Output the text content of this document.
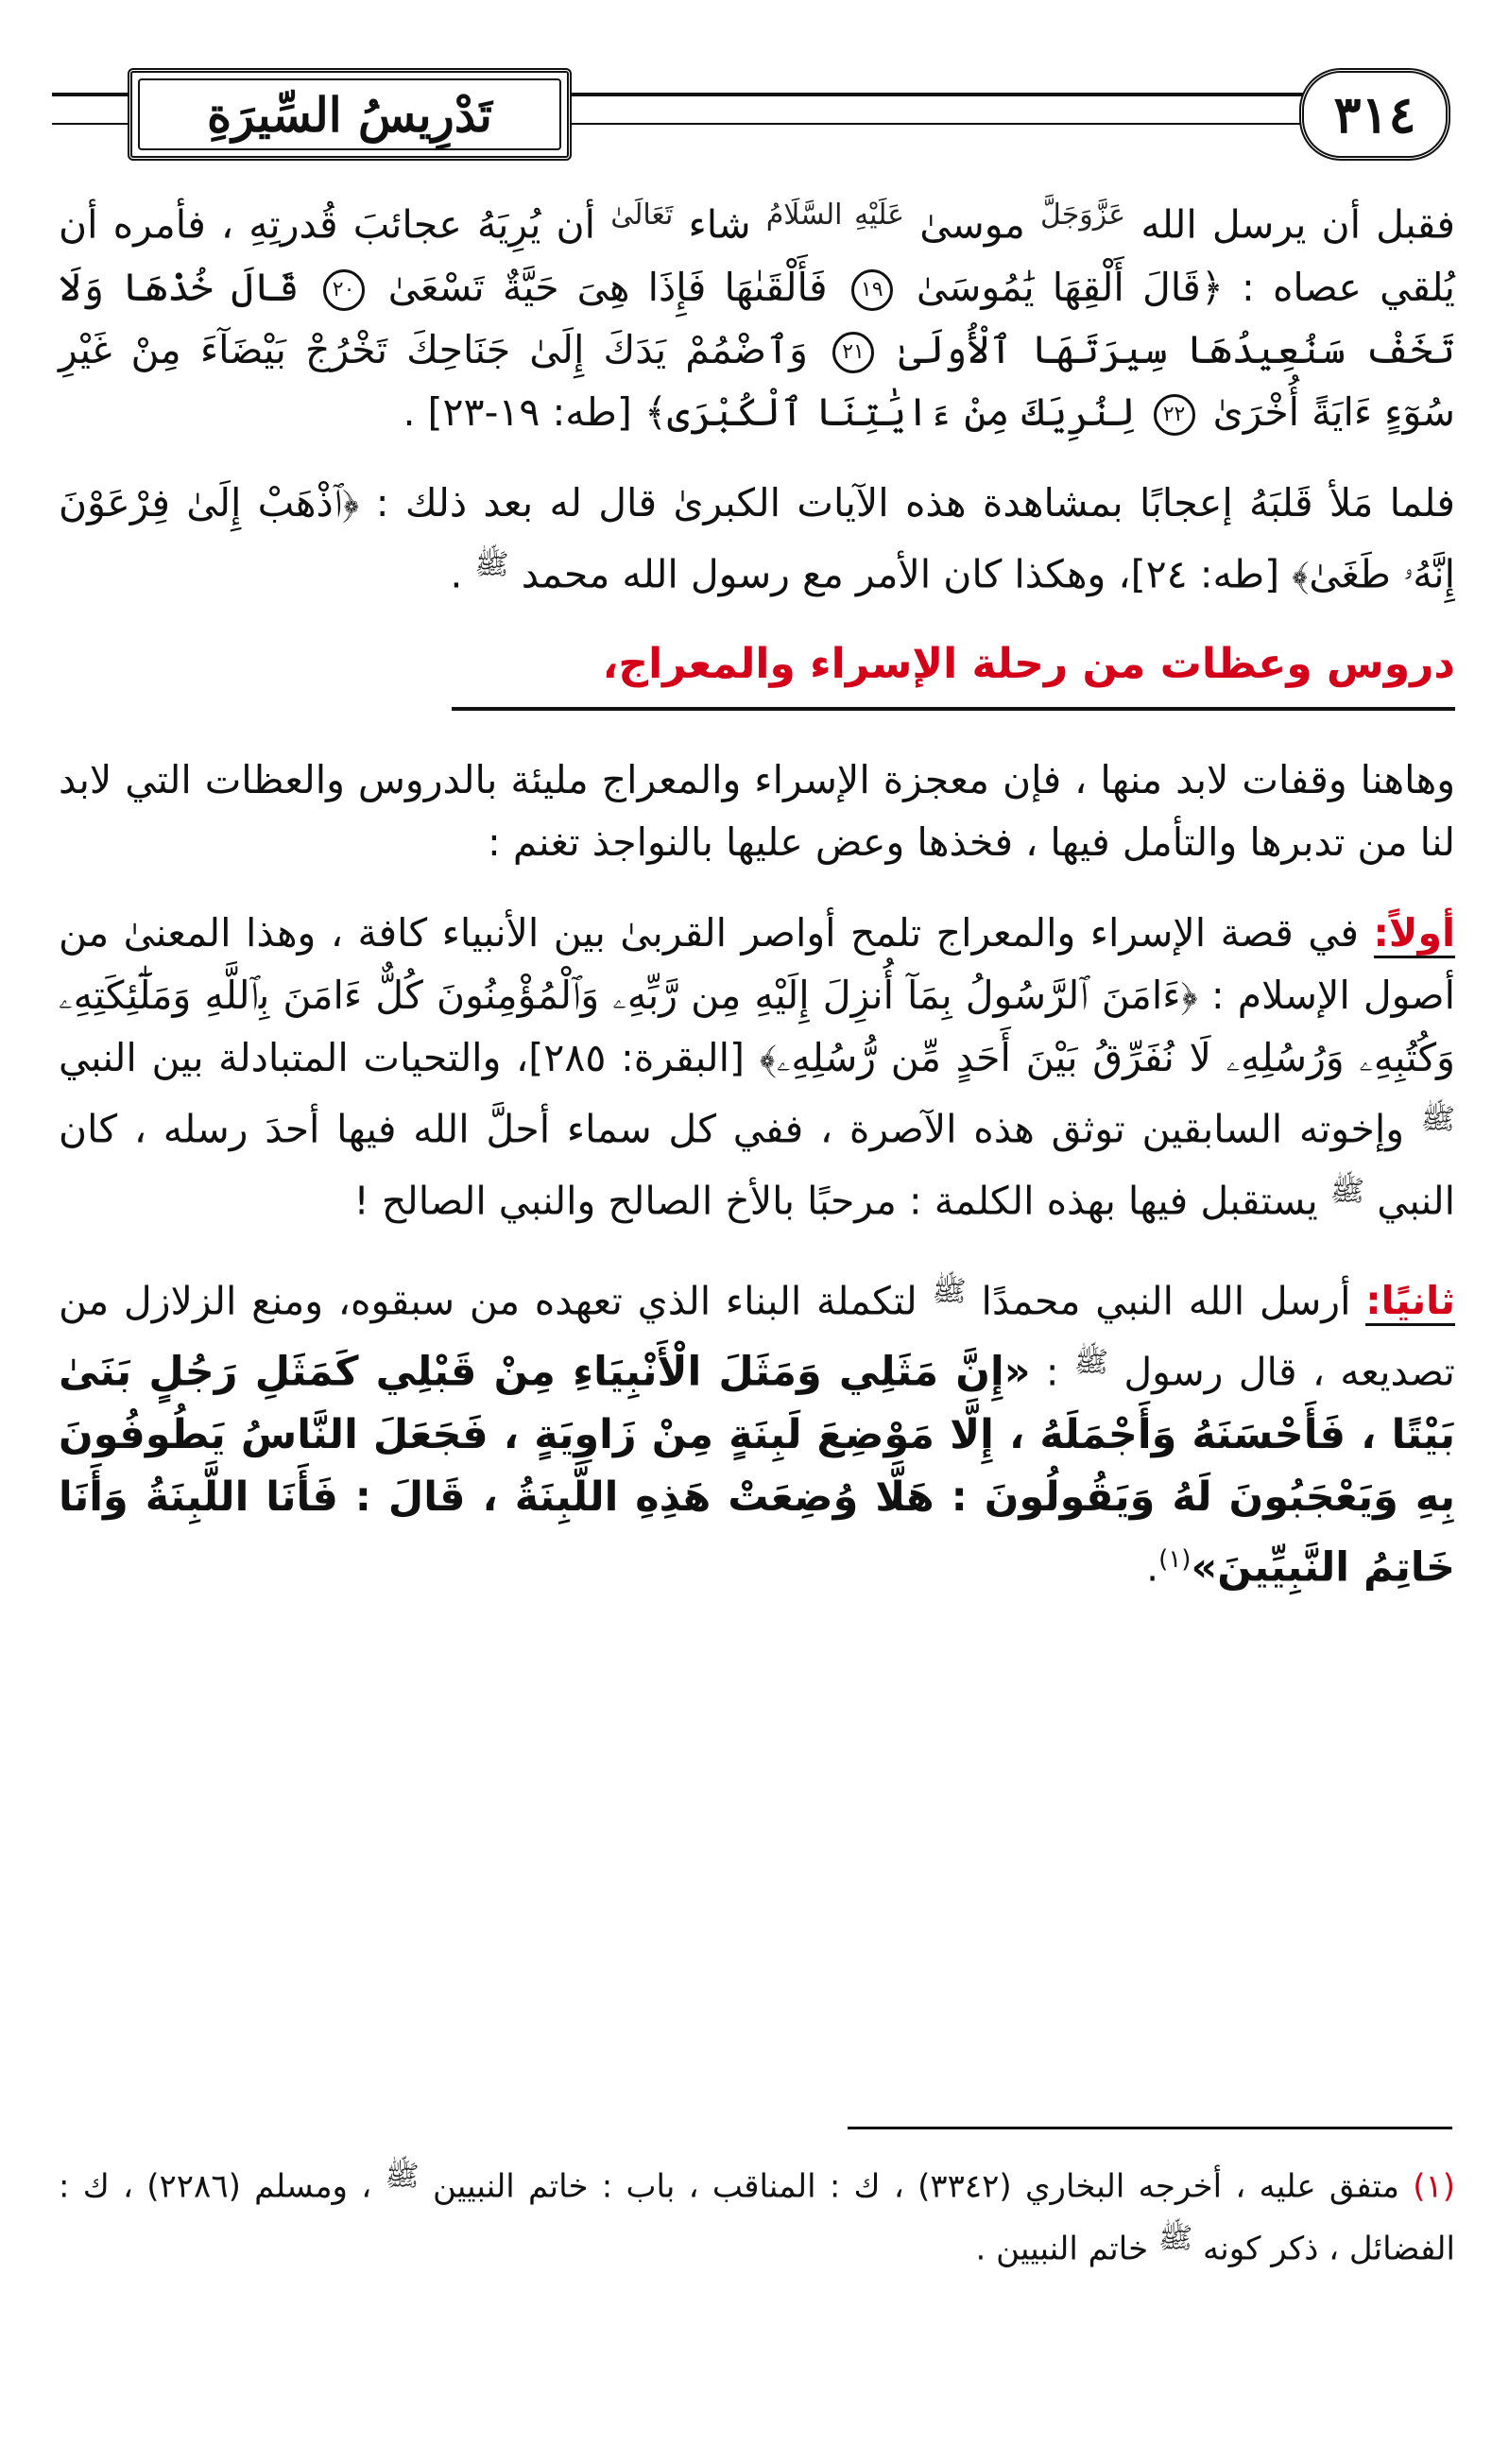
تَدْرِيسُ السِّيرَةِ	٣١٤

فقبل أن يرسل الله $^{عَزَّوَجَلَّ}$ موسىٰ $^{عَلَيْهِ السَّلَامُ}$ شاء $^{تَعَالَىٰ}$ أن يُرِيَهُ عجائبَ قُدرتِهِ ، فأمره أن يُلقي عصاه : ﴿قَالَ أَلْقِهَا يَٰمُوسَىٰ ١٩ فَأَلْقَىٰهَا فَإِذَا هِىَ حَيَّةٌ تَسْعَىٰ ٢٠ قَالَ خُذْهَا وَلَا تَخَفْ سَنُعِيدُهَا سِيرَتَهَا ٱلْأُولَىٰ ٢١ وَٱضْمُمْ يَدَكَ إِلَىٰ جَنَاحِكَ تَخْرُجْ بَيْضَآءَ مِنْ غَيْرِ سُوٓءٍ ءَايَةً أُخْرَىٰ ٢٢ لِنُرِيَكَ مِنْ ءَايَٰتِنَا ٱلْكُبْرَى﴾ [طه: ١٩-٢٣] .

فلما مَلأ قَلبَهُ إعجابًا بمشاهدة هذه الآيات الكبرىٰ قال له بعد ذلك : ﴿ٱذْهَبْ إِلَىٰ فِرْعَوْنَ إِنَّهُۥ طَغَىٰ﴾ [طه: ٢٤]، وهكذا كان الأمر مع رسول الله محمد $^ﷺ$ .

دروس وعظات من رحلة الإسراء والمعراج،

وهاهنا وقفات لابد منها ، فإن معجزة الإسراء والمعراج مليئة بالدروس والعظات التي لابد لنا من تدبرها والتأمل فيها ، فخذها وعض عليها بالنواجذ تغنم :

أولاً: في قصة الإسراء والمعراج تلمح أواصر القربىٰ بين الأنبياء كافة ، وهذا المعنىٰ من أصول الإسلام : ﴿ءَامَنَ ٱلرَّسُولُ بِمَآ أُنزِلَ إِلَيْهِ مِن رَّبِّهِۦ وَٱلْمُؤْمِنُونَ كُلٌّ ءَامَنَ بِٱللَّهِ وَمَلَٰٓئِكَتِهِۦ وَكُتُبِهِۦ وَرُسُلِهِۦ لَا نُفَرِّقُ بَيْنَ أَحَدٍ مِّن رُّسُلِهِۦ﴾ [البقرة: ٢٨٥]، والتحيات المتبادلة بين النبي $^ﷺ$ وإخوته السابقين توثق هذه الآصرة ، ففي كل سماء أحلَّ الله فيها أحدَ رسله ، كان النبي $^ﷺ$ يستقبل فيها بهذه الكلمة : مرحبًا بالأخ الصالح والنبي الصالح !

ثانيًا: أرسل الله النبي محمدًا $^ﷺ$ لتكملة البناء الذي تعهده من سبقوه، ومنع الزلازل من تصديعه ، قال رسول $^ﷺ$ : «إِنَّ مَثَلِي وَمَثَلَ الْأَنْبِيَاءِ مِنْ قَبْلِي كَمَثَلِ رَجُلٍ بَنَىٰ بَيْتًا ، فَأَحْسَنَهُ وَأَجْمَلَهُ ، إِلَّا مَوْضِعَ لَبِنَةٍ مِنْ زَاوِيَةٍ ، فَجَعَلَ النَّاسُ يَطُوفُونَ بِهِ وَيَعْجَبُونَ لَهُ وَيَقُولُونَ : هَلَّا وُضِعَتْ هَذِهِ اللَّبِنَةُ ، قَالَ : فَأَنَا اللَّبِنَةُ وَأَنَا خَاتِمُ النَّبِيِّينَ»$^{(١)}$.

(١) متفق عليه ، أخرجه البخاري (٣٣٤٢) ، ك : المناقب ، باب : خاتم النبيين ﷺ ، ومسلم (٢٢٨٦) ، ك : الفضائل ، ذكر كونه ﷺ خاتم النبيين .
